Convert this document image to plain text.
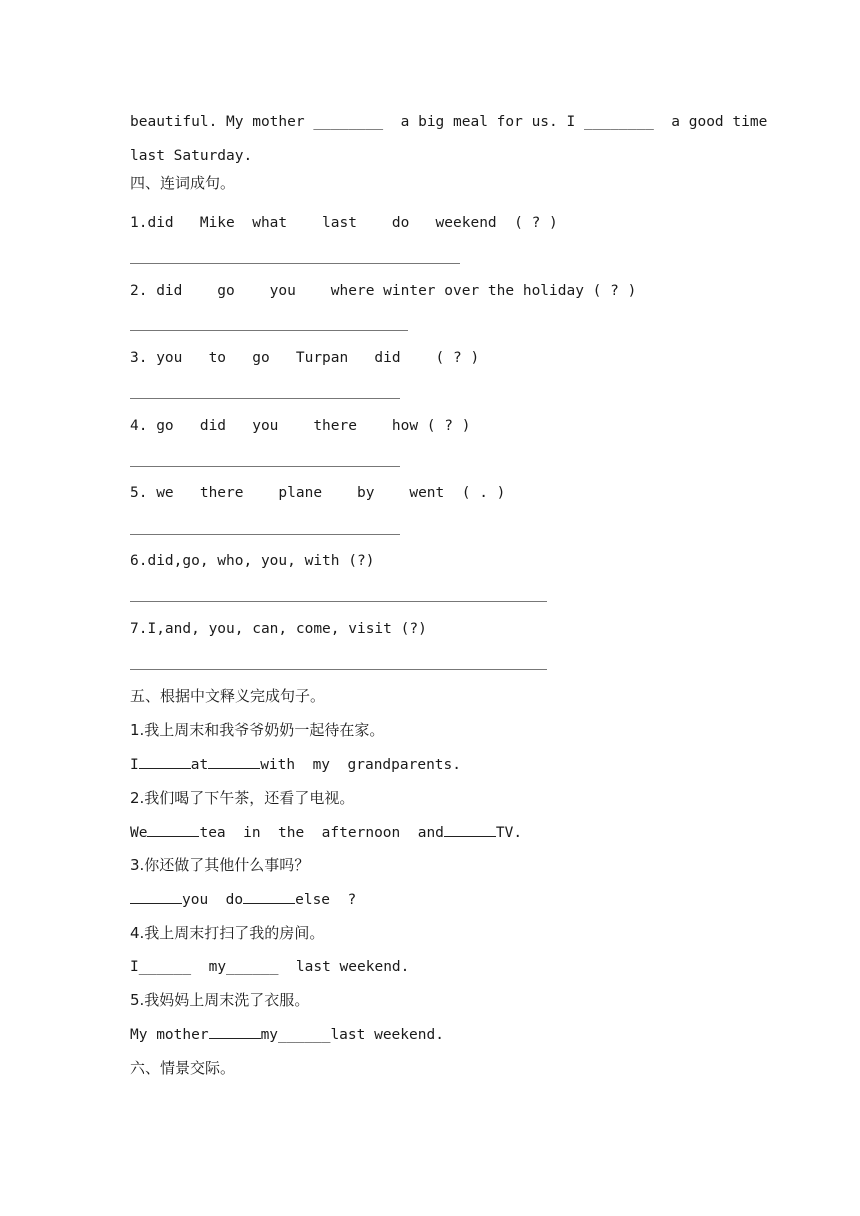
beautiful. My mother ________  a big meal for us. I ________  a good time

last Saturday.

四、连词成句。

1.did   Mike  what    last    do   weekend  ( ? )

2. did    go    you    where winter over the holiday ( ? )

3. you   to   go   Turpan   did    ( ? )

4. go   did   you    there    how ( ? )

5. we   there    plane    by    went  ( . )

6.did,go, who, you, with (?)

7.I,and, you, can, come, visit (?)

五、根据中文释义完成句子。

1.我上周末和我爷爷奶奶一起待在家。

I	at	with  my  grandparents.

2.我们喝了下午茶，还看了电视。

We	tea  in  the  afternoon  and	TV.

3.你还做了其他什么事吗？

you  do	else  ?

4.我上周末打扫了我的房间。

I______  my______  last weekend.

5.我妈妈上周末洗了衣服。

My mother	my______last weekend.

六、情景交际。
